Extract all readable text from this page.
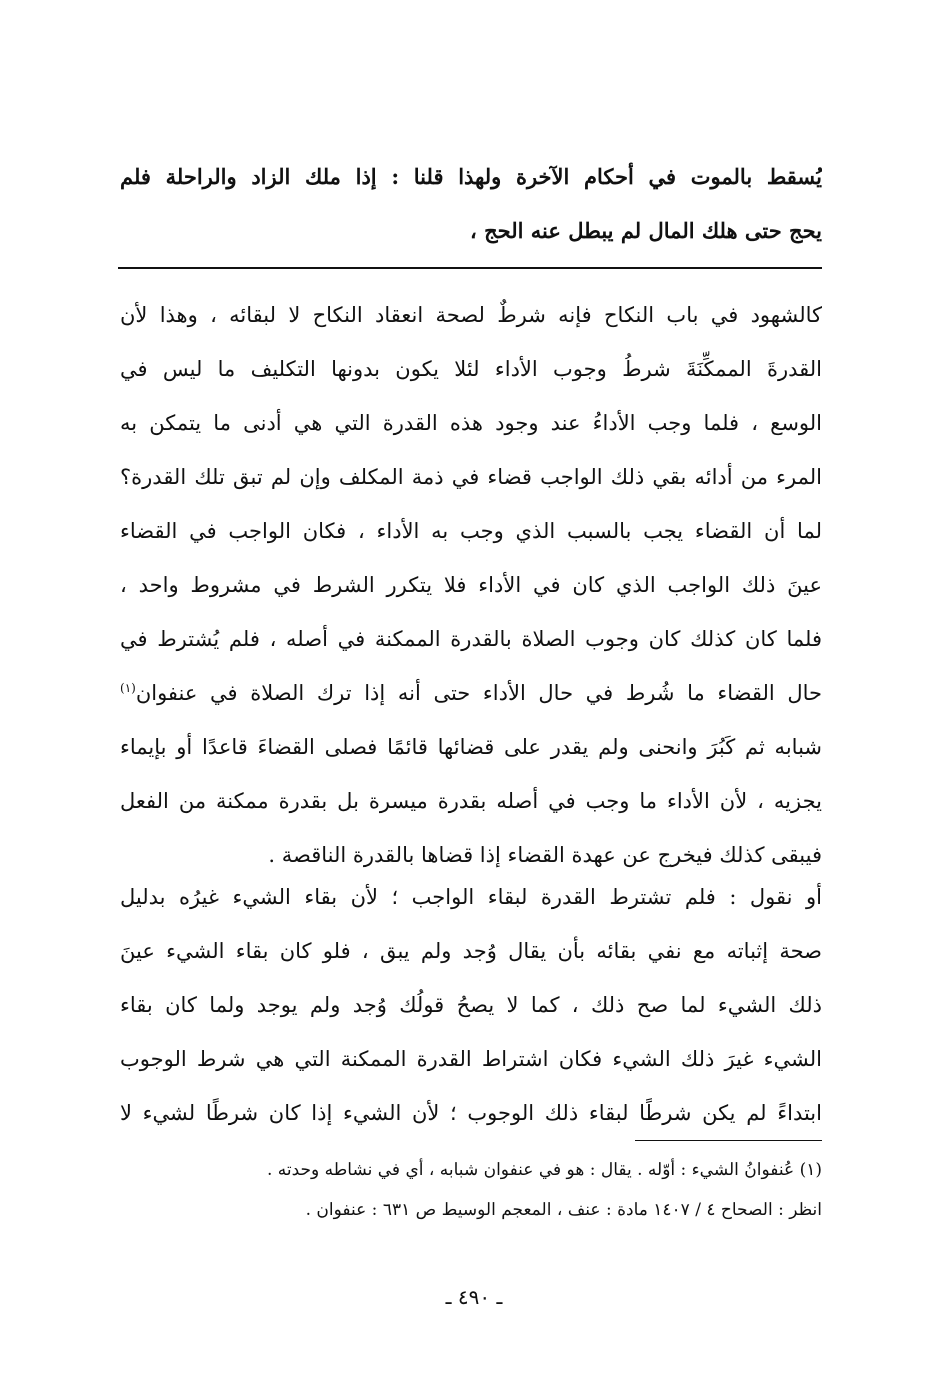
يُسقط بالموت في أحكام الآخرة ولهذا قلنا : إذا ملك الزاد والراحلة فلم
يحج حتى هلك المال لم يبطل عنه الحج ،
كالشهود في باب النكاح فإنه شرطٌ لصحة انعقاد النكاح لا لبقائه ، وهذا لأن
القدرةَ الممكِّنَةَ شرطُ وجوب الأداء لئلا يكون بدونها التكليف ما ليس في
الوسع ، فلما وجب الأداءُ عند وجود هذه القدرة التي هي أدنى ما يتمكن به
المرء من أدائه بقي ذلك الواجب قضاء في ذمة المكلف وإن لم تبق تلك القدرة؟
لما أن القضاء يجب بالسبب الذي وجب به الأداء ، فكان الواجب في القضاء
عينَ ذلك الواجب الذي كان في الأداء فلا يتكرر الشرط في مشروط واحد ،
فلما كان كذلك كان وجوب الصلاة بالقدرة الممكنة في أصله ، فلم يُشترط في
حال القضاء ما شُرط في حال الأداء حتى أنه إذا ترك الصلاة في عنفوان$^{(١)}$
شبابه ثم كَبُرَ وانحنى ولم يقدر على قضائها قائمًا فصلى القضاءَ قاعدًا أو بإيماء
يجزيه ، لأن الأداء ما وجب في أصله بقدرة ميسرة بل بقدرة ممكنة من الفعل
فيبقى كذلك فيخرج عن عهدة القضاء إذا قضاها بالقدرة الناقصة .
أو نقول : فلم تشترط القدرة لبقاء الواجب ؛ لأن بقاء الشيء غيرُه بدليل
صحة إثباته مع نفي بقائه بأن يقال وُجد ولم يبق ، فلو كان بقاء الشيء عينَ
ذلك الشيء لما صح ذلك ، كما لا يصحُ قولُك وُجد ولم يوجد ولما كان بقاء
الشيء غيرَ ذلك الشيء فكان اشتراط القدرة الممكنة التي هي شرط الوجوب
ابتداءً لم يكن شرطًا لبقاء ذلك الوجوب ؛ لأن الشيء إذا كان شرطًا لشيء لا
(١) عُنفوانُ الشيء : أوّله . يقال : هو في عنفوان شبابه ، أي في نشاطه وحدته .
انظر : الصحاح ٤ / ١٤٠٧ مادة : عنف ، المعجم الوسيط ص ٦٣١ : عنفوان .
ـ ٤٩٠ ـ
